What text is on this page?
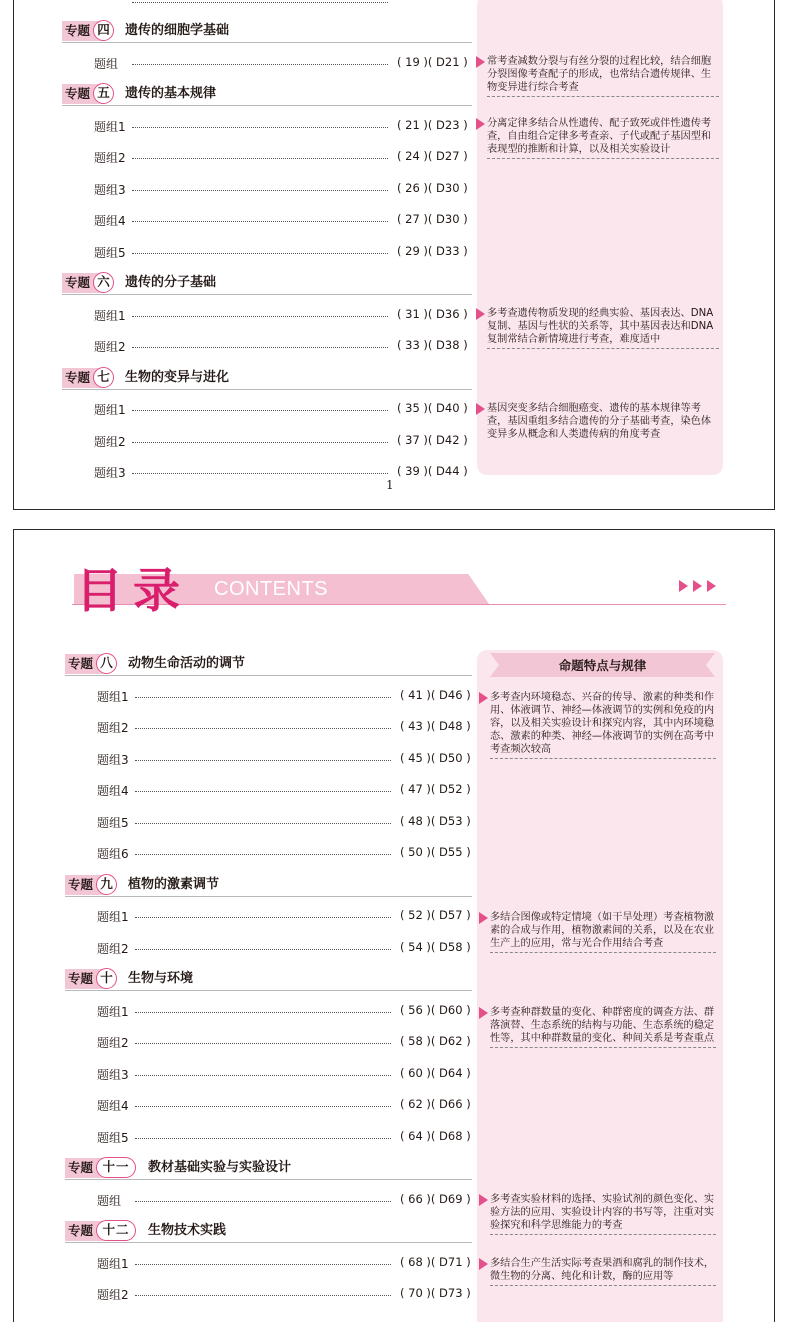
专题 四	遗传的细胞学基础
题组	( 19 )( D21 )
专题 五	遗传的基本规律
题组1	( 21 )( D23 )
题组2	( 24 )( D27 )
题组3	( 26 )( D30 )
题组4	( 27 )( D30 )
题组5	( 29 )( D33 )
专题 六	遗传的分子基础
题组1	( 31 )( D36 )
题组2	( 33 )( D38 )
专题 七	生物的变异与进化
题组1	( 35 )( D40 )
题组2	( 37 )( D42 )
题组3	( 39 )( D44 )
常考查减数分裂与有丝分裂的过程比较，结合细胞分裂图像考查配子的形成，也常结合遗传规律、生物变异进行综合考查
分离定律多结合从性遗传、配子致死或伴性遗传考查，自由组合定律多考查亲、子代或配子基因型和表现型的推断和计算，以及相关实验设计
多考查遗传物质发现的经典实验、基因表达、DNA复制、基因与性状的关系等，其中基因表达和DNA复制常结合新情境进行考查，难度适中
基因突变多结合细胞癌变、遗传的基本规律等考查，基因重组多结合遗传的分子基础考查，染色体变异多从概念和人类遗传病的角度考查
1
目录 CONTENTS
命题特点与规律
专题 八	动物生命活动的调节
题组1	( 41 )( D46 )
题组2	( 43 )( D48 )
题组3	( 45 )( D50 )
题组4	( 47 )( D52 )
题组5	( 48 )( D53 )
题组6	( 50 )( D55 )
专题 九	植物的激素调节
题组1	( 52 )( D57 )
题组2	( 54 )( D58 )
专题 十	生物与环境
题组1	( 56 )( D60 )
题组2	( 58 )( D62 )
题组3	( 60 )( D64 )
题组4	( 62 )( D66 )
题组5	( 64 )( D68 )
专题 十一	教材基础实验与实验设计
题组	( 66 )( D69 )
专题 十二	生物技术实践
题组1	( 68 )( D71 )
题组2	( 70 )( D73 )
多考查内环境稳态、兴奋的传导、激素的种类和作用、体液调节、神经—体液调节的实例和免疫的内容，以及相关实验设计和探究内容，其中内环境稳态、激素的种类、神经—体液调节的实例在高考中考查频次较高
多结合图像或特定情境（如干旱处理）考查植物激素的合成与作用，植物激素间的关系，以及在农业生产上的应用，常与光合作用结合考查
多考查种群数量的变化、种群密度的调查方法、群落演替、生态系统的结构与功能、生态系统的稳定性等，其中种群数量的变化、种间关系是考查重点
多考查实验材料的选择、实验试剂的颜色变化、实验方法的应用、实验设计内容的书写等，注重对实验探究和科学思维能力的考查
多结合生产生活实际考查果酒和腐乳的制作技术，微生物的分离、纯化和计数，酶的应用等
